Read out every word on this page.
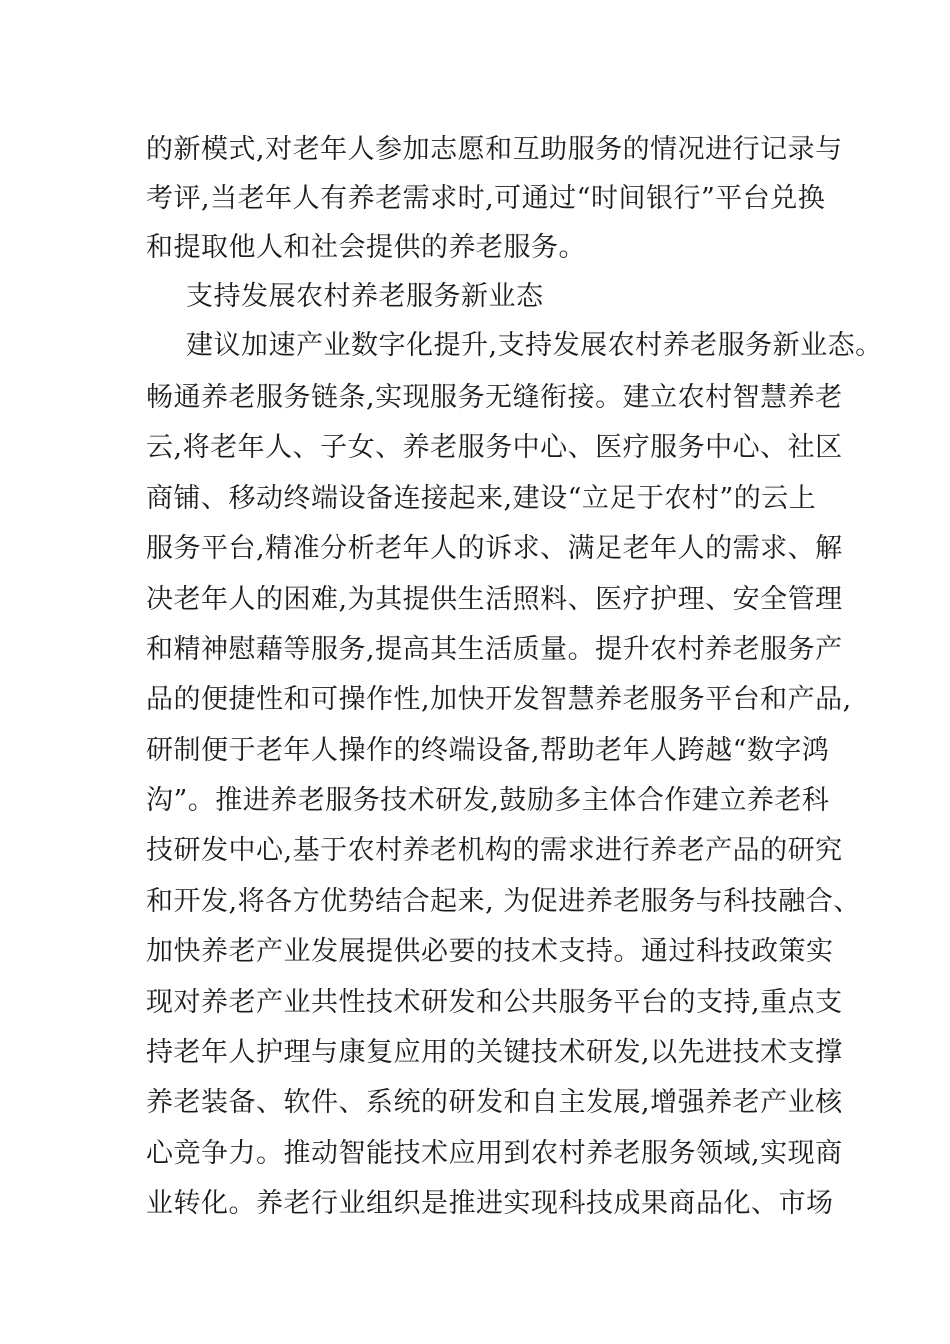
的新模式,对老年人参加志愿和互助服务的情况进行记录与
考评,当老年人有养老需求时,可通过“时间银行”平台兑换
和提取他人和社会提供的养老服务。
支持发展农村养老服务新业态
建议加速产业数字化提升,支持发展农村养老服务新业态。
畅通养老服务链条,实现服务无缝衔接。建立农村智慧养老
云,将老年人、子女、养老服务中心、医疗服务中心、社区
商铺、移动终端设备连接起来,建设“立足于农村”的云上
服务平台,精准分析老年人的诉求、满足老年人的需求、解
决老年人的困难,为其提供生活照料、医疗护理、安全管理
和精神慰藉等服务,提高其生活质量。提升农村养老服务产
品的便捷性和可操作性,加快开发智慧养老服务平台和产品,
研制便于老年人操作的终端设备,帮助老年人跨越“数字鸿
沟”。推进养老服务技术研发,鼓励多主体合作建立养老科
技研发中心,基于农村养老机构的需求进行养老产品的研究
和开发,将各方优势结合起来, 为促进养老服务与科技融合、
加快养老产业发展提供必要的技术支持。通过科技政策实
现对养老产业共性技术研发和公共服务平台的支持,重点支
持老年人护理与康复应用的关键技术研发,以先进技术支撑
养老装备、软件、系统的研发和自主发展,增强养老产业核
心竞争力。推动智能技术应用到农村养老服务领域,实现商
业转化。养老行业组织是推进实现科技成果商品化、市场
